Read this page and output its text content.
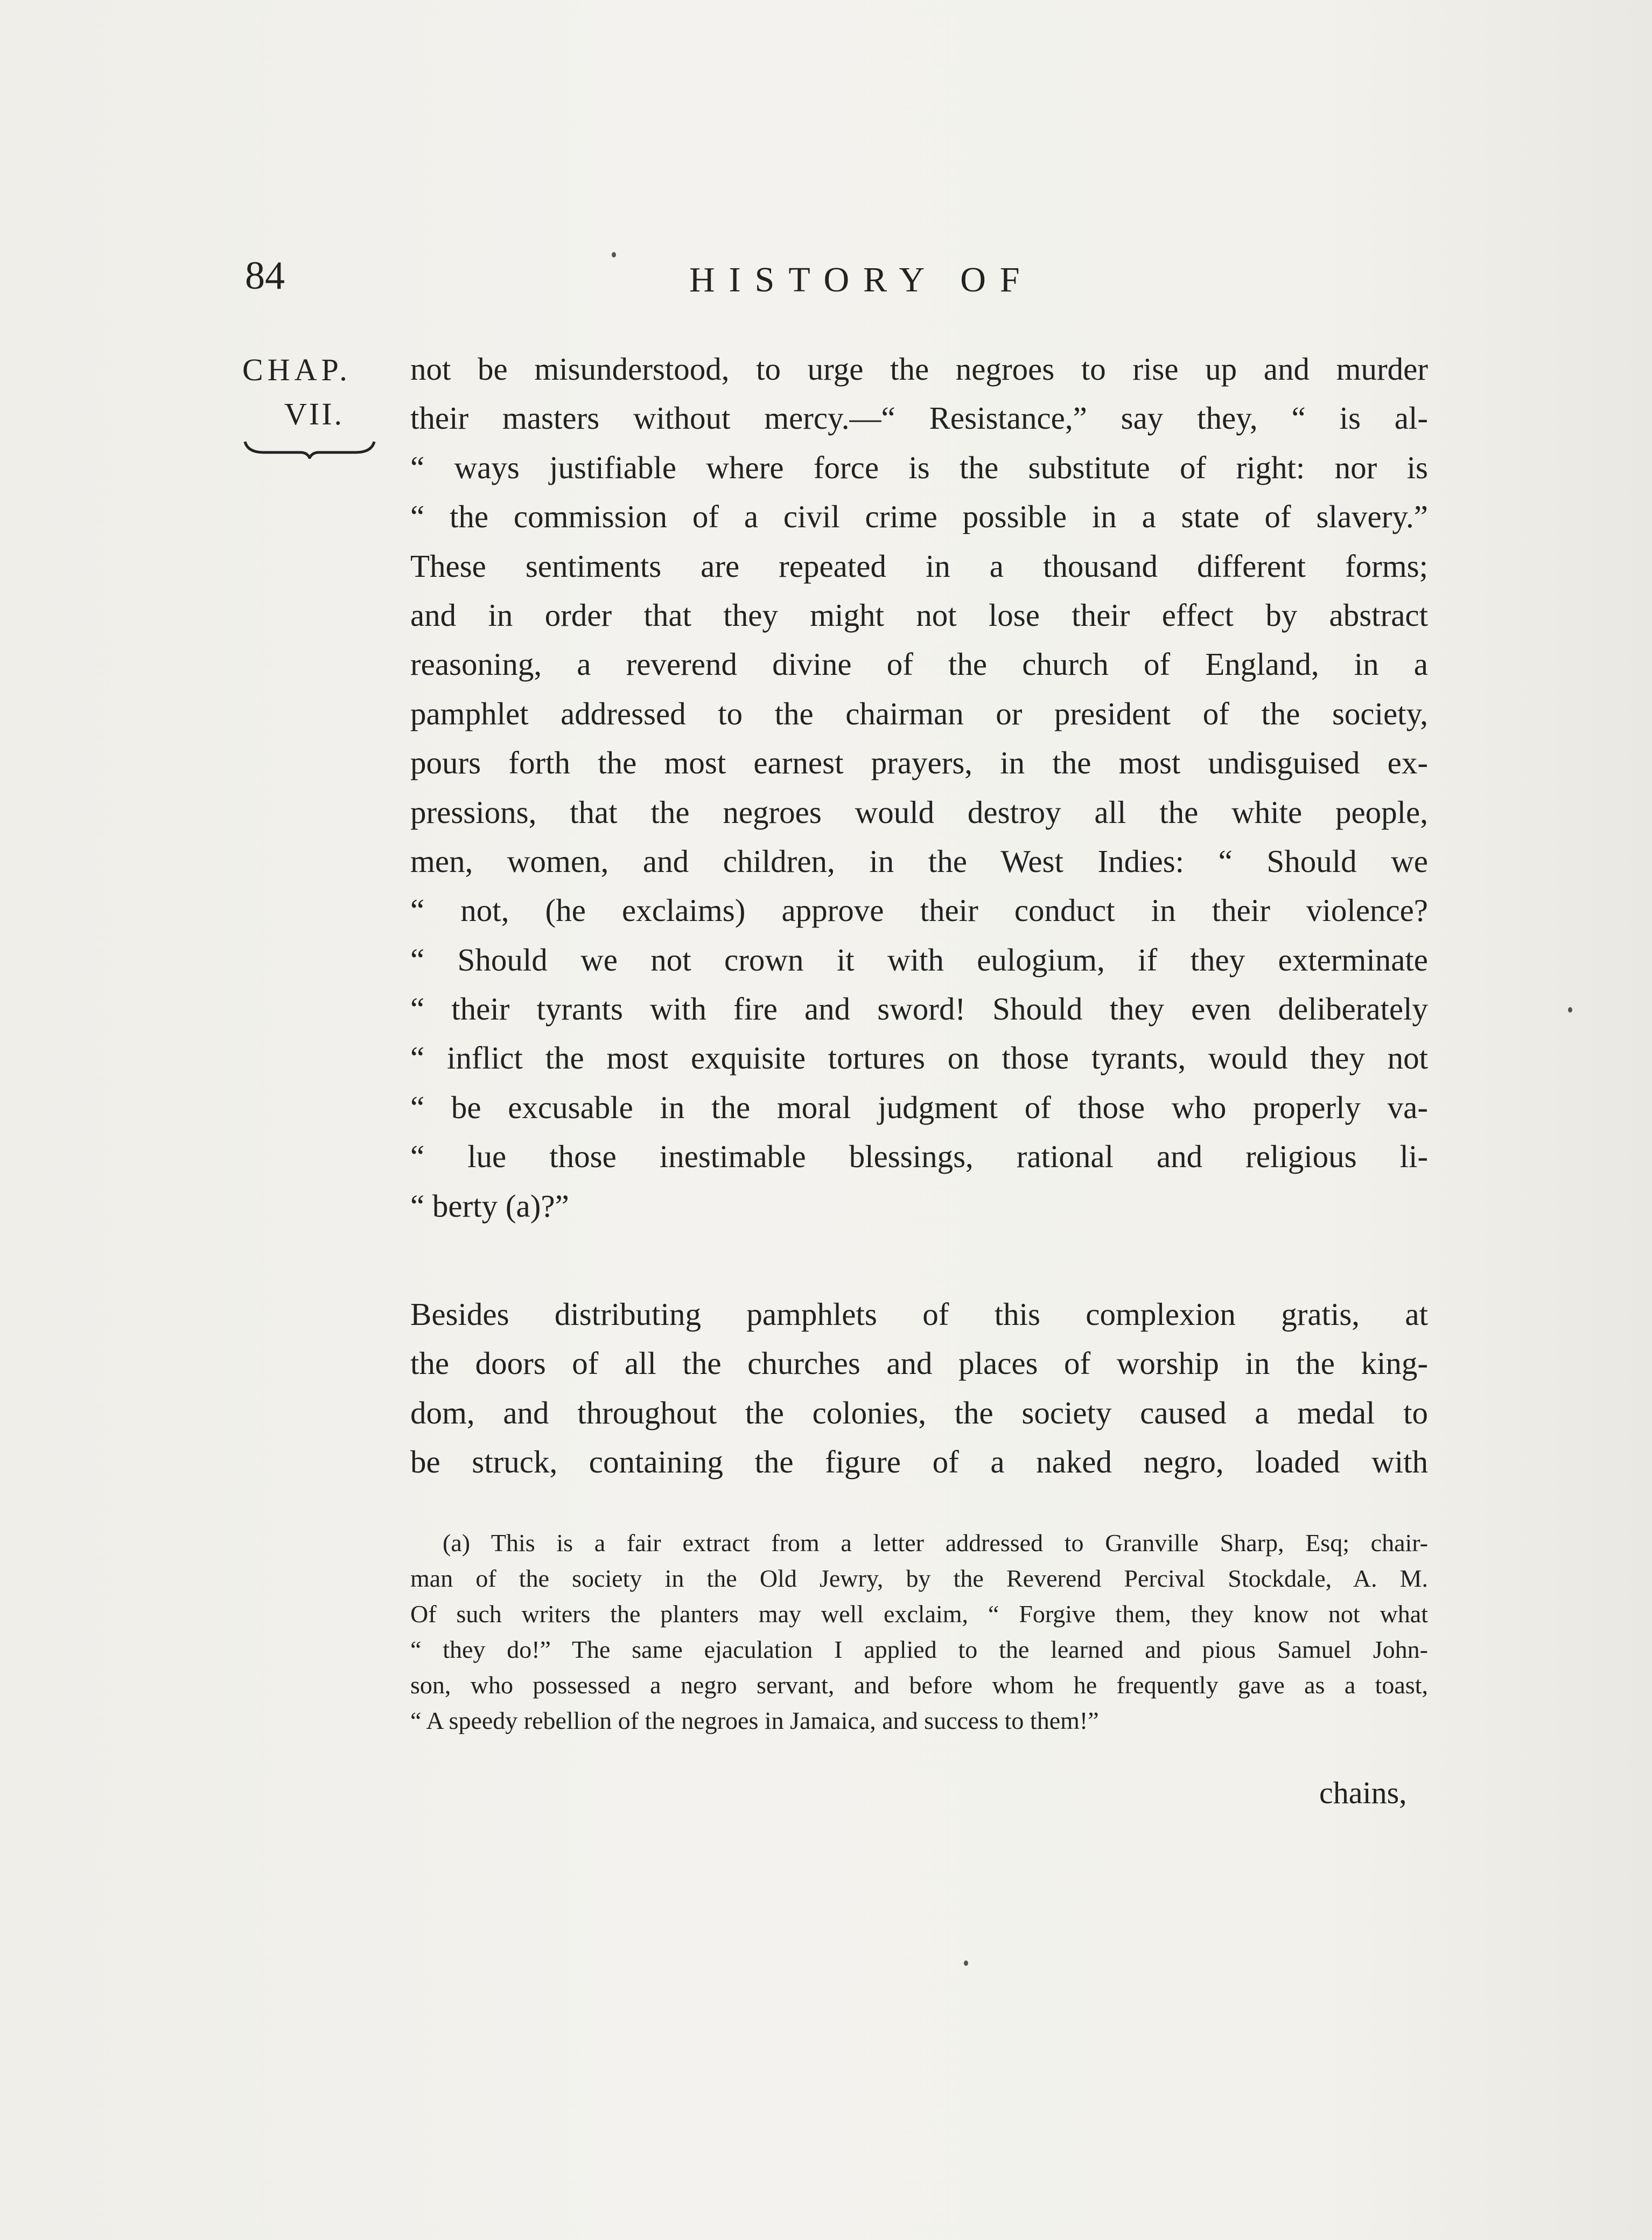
84	HISTORY OF
CHAP.
VII.
not be misunderstood, to urge the negroes to rise up and murder
their masters without mercy.—“ Resistance,” say they, “ is al-
“ ways justifiable where force is the substitute of right: nor is
“ the commission of a civil crime possible in a state of slavery.”
These sentiments are repeated in a thousand different forms;
and in order that they might not lose their effect by abstract
reasoning, a reverend divine of the church of England, in a
pamphlet addressed to the chairman or president of the society,
pours forth the most earnest prayers, in the most undisguised ex-
pressions, that the negroes would destroy all the white people,
men, women, and children, in the West Indies: “ Should we
“ not, (he exclaims) approve their conduct in their violence?
“ Should we not crown it with eulogium, if they exterminate
“ their tyrants with fire and sword! Should they even deliberately
“ inflict the most exquisite tortures on those tyrants, would they not
“ be excusable in the moral judgment of those who properly va-
“ lue those inestimable blessings, rational and religious li-
“ berty (a)?”
Besides distributing pamphlets of this complexion gratis, at
the doors of all the churches and places of worship in the king-
dom, and throughout the colonies, the society caused a medal to
be struck, containing the figure of a naked negro, loaded with
(a) This is a fair extract from a letter addressed to Granville Sharp, Esq; chair-
man of the society in the Old Jewry, by the Reverend Percival Stockdale, A. M.
Of such writers the planters may well exclaim, “ Forgive them, they know not what
“ they do!” The same ejaculation I applied to the learned and pious Samuel John-
son, who possessed a negro servant, and before whom he frequently gave as a toast,
“ A speedy rebellion of the negroes in Jamaica, and success to them!”
chains,
